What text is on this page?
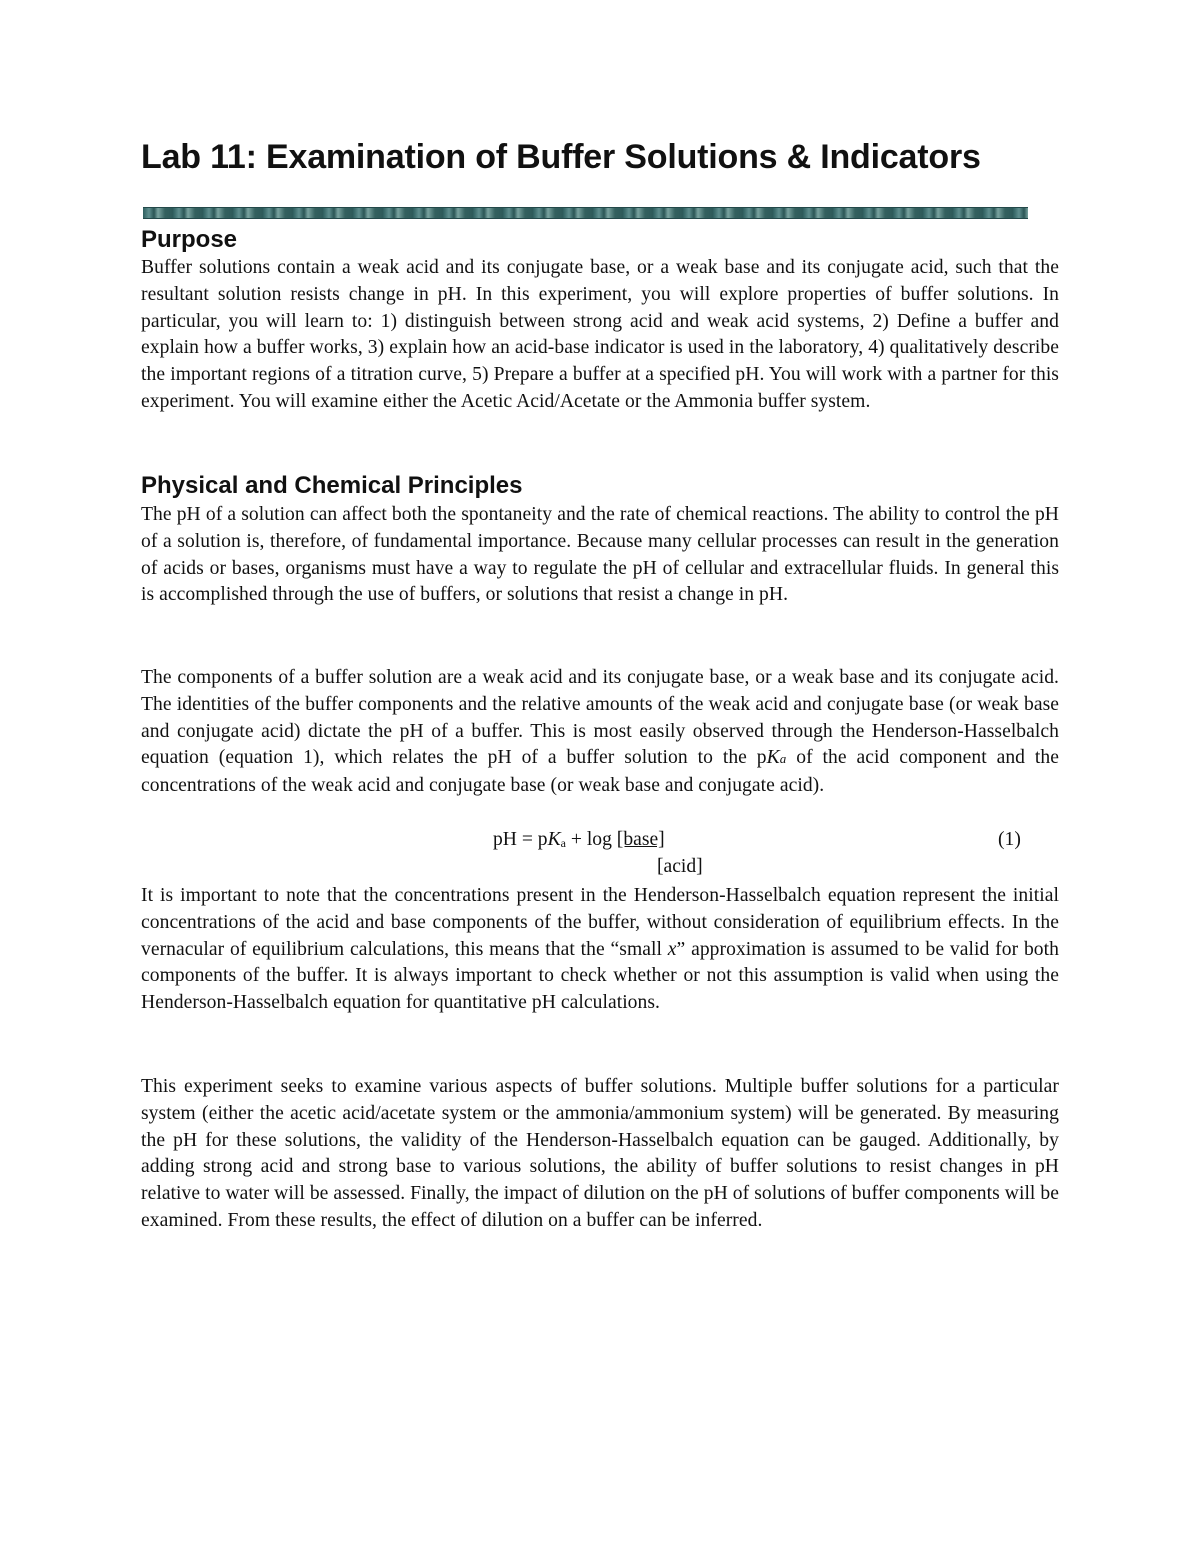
Lab 11: Examination of Buffer Solutions & Indicators
Purpose
Buffer solutions contain a weak acid and its conjugate base, or a weak base and its conjugate acid, such that the resultant solution resists change in pH. In this experiment, you will explore properties of buffer solutions. In particular, you will learn to: 1) distinguish between strong acid and weak acid systems, 2) Define a buffer and explain how a buffer works, 3) explain how an acid-base indicator is used in the laboratory, 4) qualitatively describe the important regions of a titration curve, 5) Prepare a buffer at a specified pH. You will work with a partner for this experiment. You will examine either the Acetic Acid/Acetate or the Ammonia buffer system.
Physical and Chemical Principles
The pH of a solution can affect both the spontaneity and the rate of chemical reactions. The ability to control the pH of a solution is, therefore, of fundamental importance. Because many cellular processes can result in the generation of acids or bases, organisms must have a way to regulate the pH of cellular and extracellular fluids. In general this is accomplished through the use of buffers, or solutions that resist a change in pH.
The components of a buffer solution are a weak acid and its conjugate base, or a weak base and its conjugate acid. The identities of the buffer components and the relative amounts of the weak acid and conjugate base (or weak base and conjugate acid) dictate the pH of a buffer. This is most easily observed through the Henderson-Hasselbalch equation (equation 1), which relates the pH of a buffer solution to the pKa of the acid component and the concentrations of the weak acid and conjugate base (or weak base and conjugate acid).
pH = pKa + log [base]
[acid]
(1)
It is important to note that the concentrations present in the Henderson-Hasselbalch equation represent the initial concentrations of the acid and base components of the buffer, without consideration of equilibrium effects. In the vernacular of equilibrium calculations, this means that the “small x” approximation is assumed to be valid for both components of the buffer. It is always important to check whether or not this assumption is valid when using the Henderson-Hasselbalch equation for quantitative pH calculations.
This experiment seeks to examine various aspects of buffer solutions. Multiple buffer solutions for a particular system (either the acetic acid/acetate system or the ammonia/ammonium system) will be generated. By measuring the pH for these solutions, the validity of the Henderson-Hasselbalch equation can be gauged. Additionally, by adding strong acid and strong base to various solutions, the ability of buffer solutions to resist changes in pH relative to water will be assessed. Finally, the impact of dilution on the pH of solutions of buffer components will be examined. From these results, the effect of dilution on a buffer can be inferred.
